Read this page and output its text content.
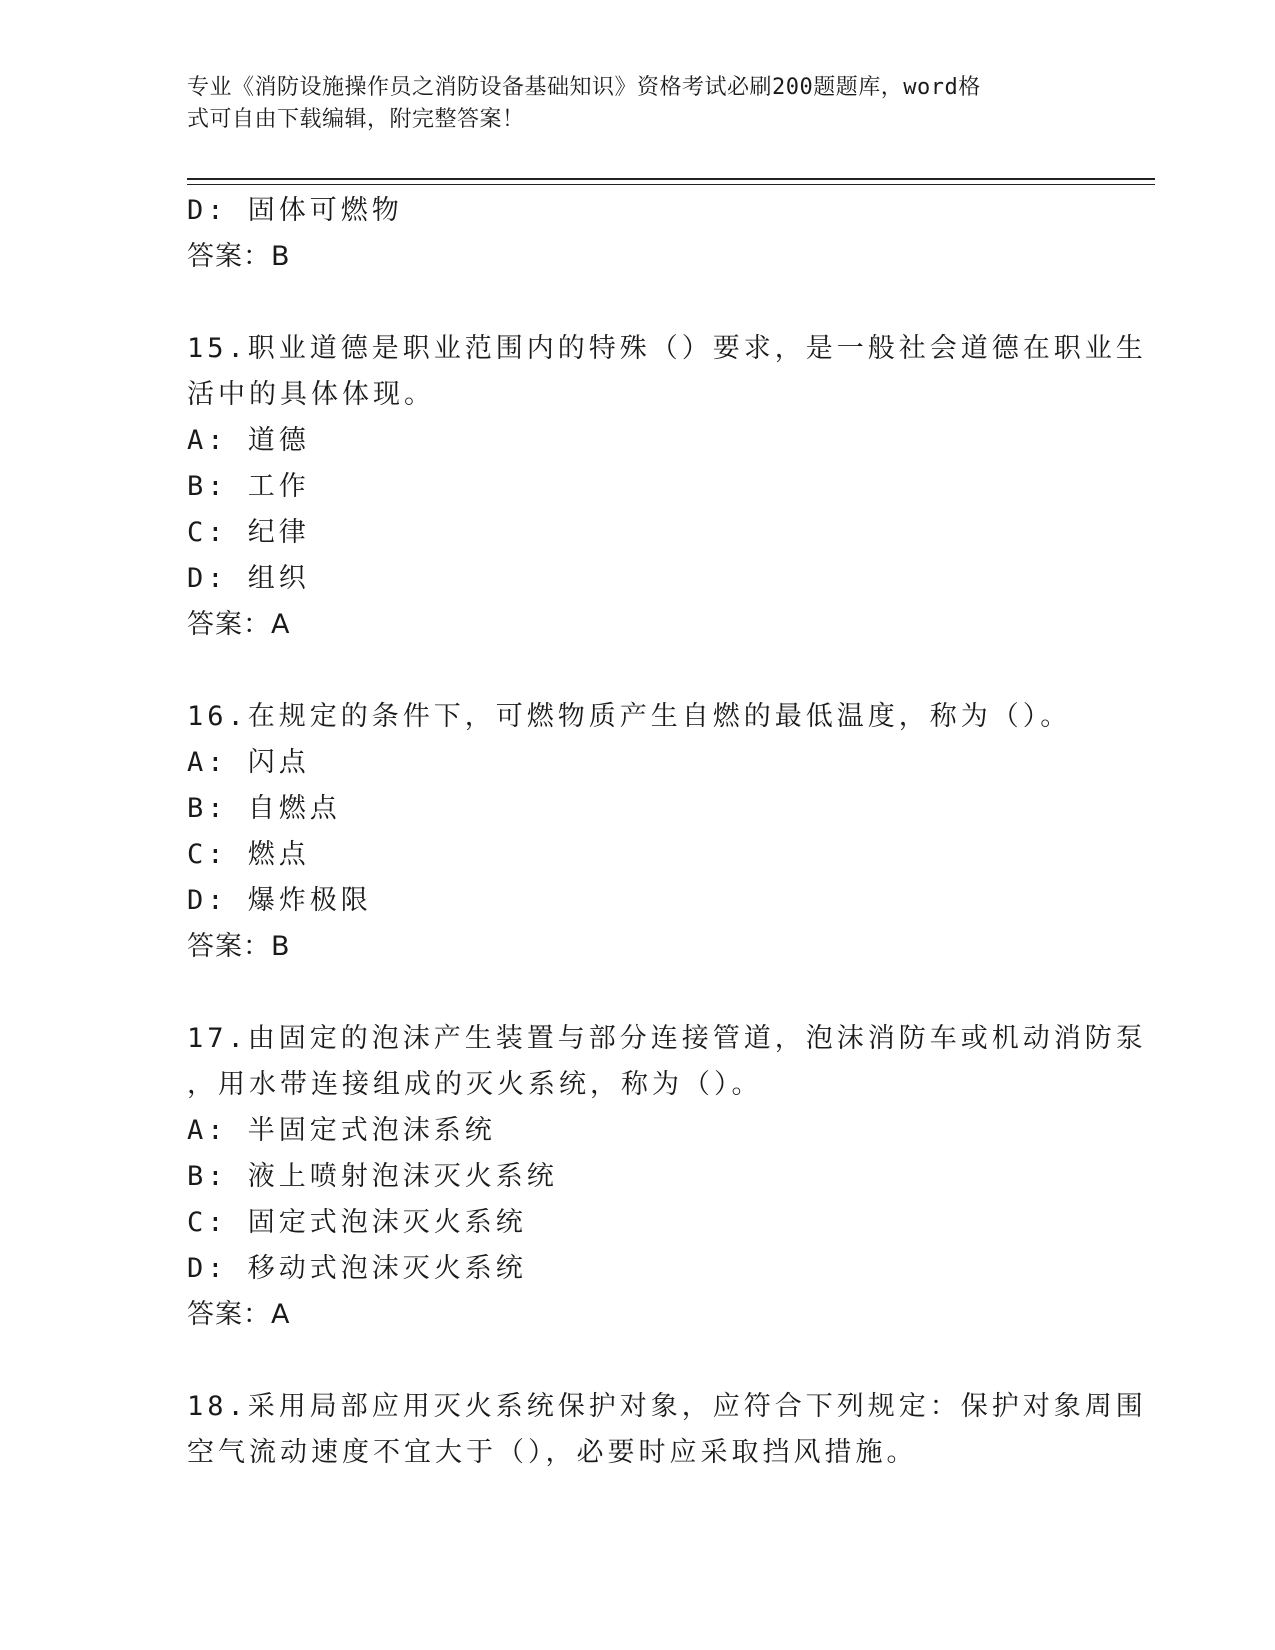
专业《消防设施操作员之消防设备基础知识》资格考试必刷200题题库，word格
式可自由下载编辑，附完整答案！
D: 固体可燃物
答案：B
15.职业道德是职业范围内的特殊（）要求，是一般社会道德在职业生
活中的具体体现。
A: 道德
B: 工作
C: 纪律
D: 组织
答案：A
16.在规定的条件下，可燃物质产生自燃的最低温度，称为（）。
A: 闪点
B: 自燃点
C: 燃点
D: 爆炸极限
答案：B
17.由固定的泡沫产生装置与部分连接管道，泡沫消防车或机动消防泵
，用水带连接组成的灭火系统，称为（）。
A: 半固定式泡沫系统
B: 液上喷射泡沫灭火系统
C: 固定式泡沫灭火系统
D: 移动式泡沫灭火系统
答案：A
18.采用局部应用灭火系统保护对象，应符合下列规定：保护对象周围
空气流动速度不宜大于（），必要时应采取挡风措施。
